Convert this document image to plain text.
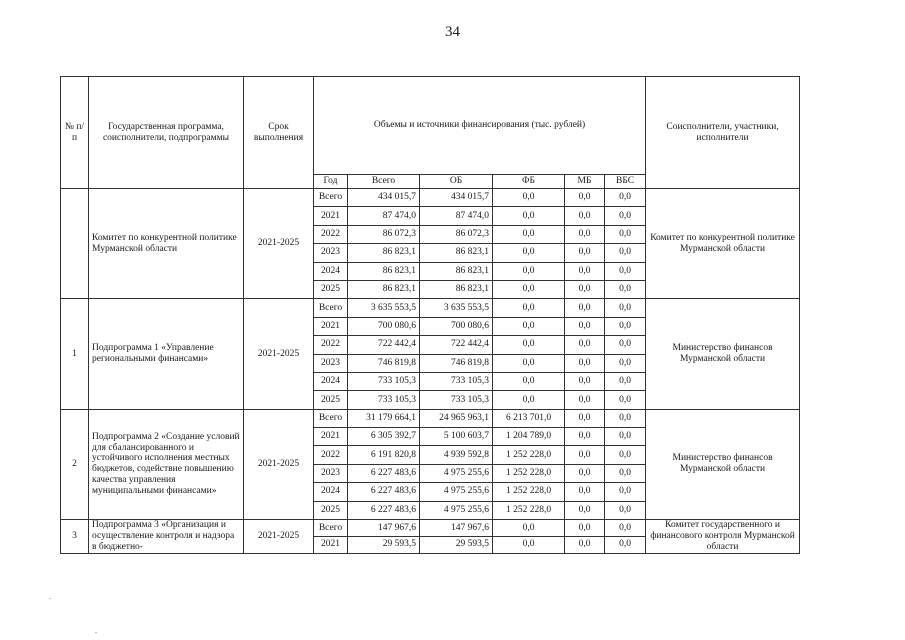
34
№ п/п	Государственная программа, соисполнители, подпрограммы	Срок выполнения	Объемы и источники финансирования (тыс. рублей)						Соисполнители, участники, исполнители
			Год	Всего	ОБ	ФБ	МБ	ВБС	
	Комитет по конкурентной политике Мурманской области	2021-2025	Всего	434 015,7	434 015,7	0,0	0,0	0,0	Комитет по конкурентной политике Мурманской области
			2021	87 474,0	87 474,0	0,0	0,0	0,0	
			2022	86 072,3	86 072,3	0,0	0,0	0,0	
			2023	86 823,1	86 823,1	0,0	0,0	0,0	
			2024	86 823,1	86 823,1	0,0	0,0	0,0	
			2025	86 823,1	86 823,1	0,0	0,0	0,0	
1	Подпрограмма 1 «Управление региональными финансами»	2021-2025	Всего	3 635 553,5	3 635 553,5	0,0	0,0	0,0	Министерство финансов Мурманской области
			2021	700 080,6	700 080,6	0,0	0,0	0,0	
			2022	722 442,4	722 442,4	0,0	0,0	0,0	
			2023	746 819,8	746 819,8	0,0	0,0	0,0	
			2024	733 105,3	733 105,3	0,0	0,0	0,0	
			2025	733 105,3	733 105,3	0,0	0,0	0,0	
2	Подпрограмма 2 «Создание условий для сбалансированного и устойчивого исполнения местных бюджетов, содействие повышению качества управления муниципальными финансами»	2021-2025	Всего	31 179 664,1	24 965 963,1	6 213 701,0	0,0	0,0	Министерство финансов Мурманской области
			2021	6 305 392,7	5 100 603,7	1 204 789,0	0,0	0,0	
			2022	6 191 820,8	4 939 592,8	1 252 228,0	0,0	0,0	
			2023	6 227 483,6	4 975 255,6	1 252 228,0	0,0	0,0	
			2024	6 227 483,6	4 975 255,6	1 252 228,0	0,0	0,0	
			2025	6 227 483,6	4 975 255,6	1 252 228,0	0,0	0,0	
3	Подпрограмма 3 «Организация и осуществление контроля и надзора в бюджетно-	2021-2025	Всего	147 967,6	147 967,6	0,0	0,0	0,0	Комитет государственного и финансового контроля Мурманской области
			2021	29 593,5	29 593,5	0,0	0,0	0,0	
